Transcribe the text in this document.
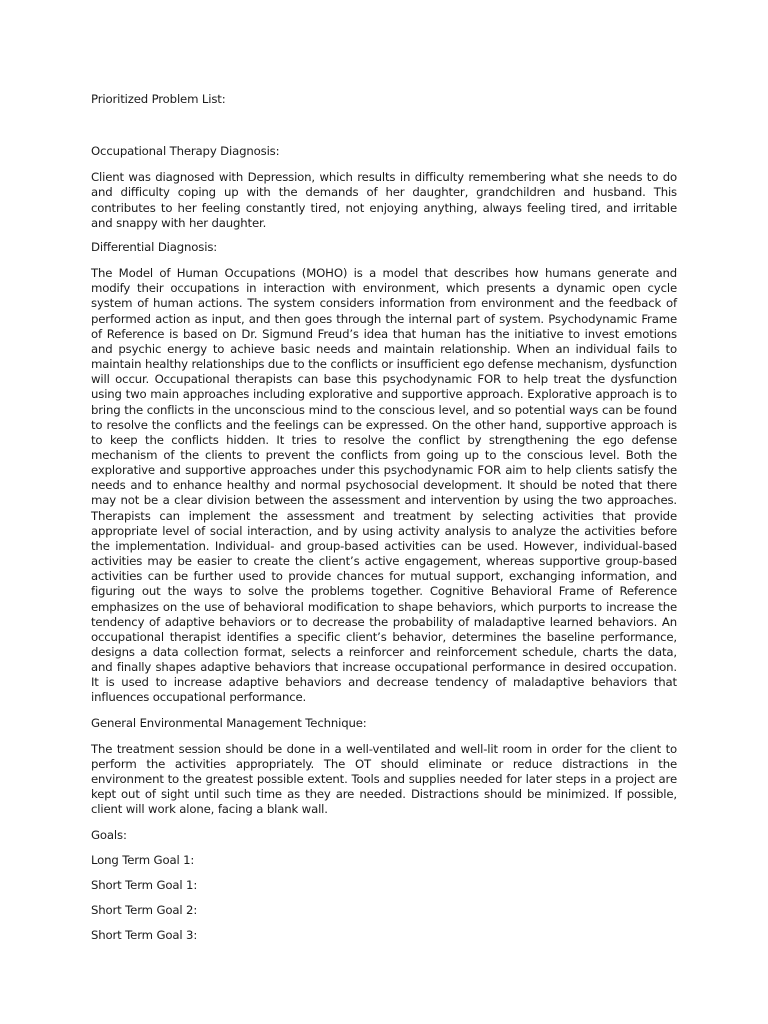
Prioritized Problem List:

Occupational Therapy Diagnosis:

Client was diagnosed with Depression, which results in difficulty remembering what she needs to do and difficulty coping up with the demands of her daughter, grandchildren and husband. This contributes to her feeling constantly tired, not enjoying anything, always feeling tired, and irritable and snappy with her daughter.

Differential Diagnosis:

The Model of Human Occupations (MOHO) is a model that describes how humans generate and modify their occupations in interaction with environment, which presents a dynamic open cycle system of human actions. The system considers information from environment and the feedback of performed action as input, and then goes through the internal part of system. Psychodynamic Frame of Reference is based on Dr. Sigmund Freud’s idea that human has the initiative to invest emotions and psychic energy to achieve basic needs and maintain relationship. When an individual fails to maintain healthy relationships due to the conflicts or insufficient ego defense mechanism, dysfunction will occur. Occupational therapists can base this psychodynamic FOR to help treat the dysfunction using two main approaches including explorative and supportive approach. Explorative approach is to bring the conflicts in the unconscious mind to the conscious level, and so potential ways can be found to resolve the conflicts and the feelings can be expressed. On the other hand, supportive approach is to keep the conflicts hidden. It tries to resolve the conflict by strengthening the ego defense mechanism of the clients to prevent the conflicts from going up to the conscious level. Both the explorative and supportive approaches under this psychodynamic FOR aim to help clients satisfy the needs and to enhance healthy and normal psychosocial development. It should be noted that there may not be a clear division between the assessment and intervention by using the two approaches. Therapists can implement the assessment and treatment by selecting activities that provide appropriate level of social interaction, and by using activity analysis to analyze the activities before the implementation. Individual- and group-based activities can be used. However, individual-based activities may be easier to create the client’s active engagement, whereas supportive group-based activities can be further used to provide chances for mutual support, exchanging information, and figuring out the ways to solve the problems together. Cognitive Behavioral Frame of Reference emphasizes on the use of behavioral modification to shape behaviors, which purports to increase the tendency of adaptive behaviors or to decrease the probability of maladaptive learned behaviors. An occupational therapist identifies a specific client’s behavior, determines the baseline performance, designs a data collection format, selects a reinforcer and reinforcement schedule, charts the data, and finally shapes adaptive behaviors that increase occupational performance in desired occupation. It is used to increase adaptive behaviors and decrease tendency of maladaptive behaviors that influences occupational performance.

General Environmental Management Technique:

The treatment session should be done in a well-ventilated and well-lit room in order for the client to perform the activities appropriately. The OT should eliminate or reduce distractions in the environment to the greatest possible extent. Tools and supplies needed for later steps in a project are kept out of sight until such time as they are needed. Distractions should be minimized. If possible, client will work alone, facing a blank wall.

Goals:

Long Term Goal 1:

Short Term Goal 1:

Short Term Goal 2:

Short Term Goal 3:
